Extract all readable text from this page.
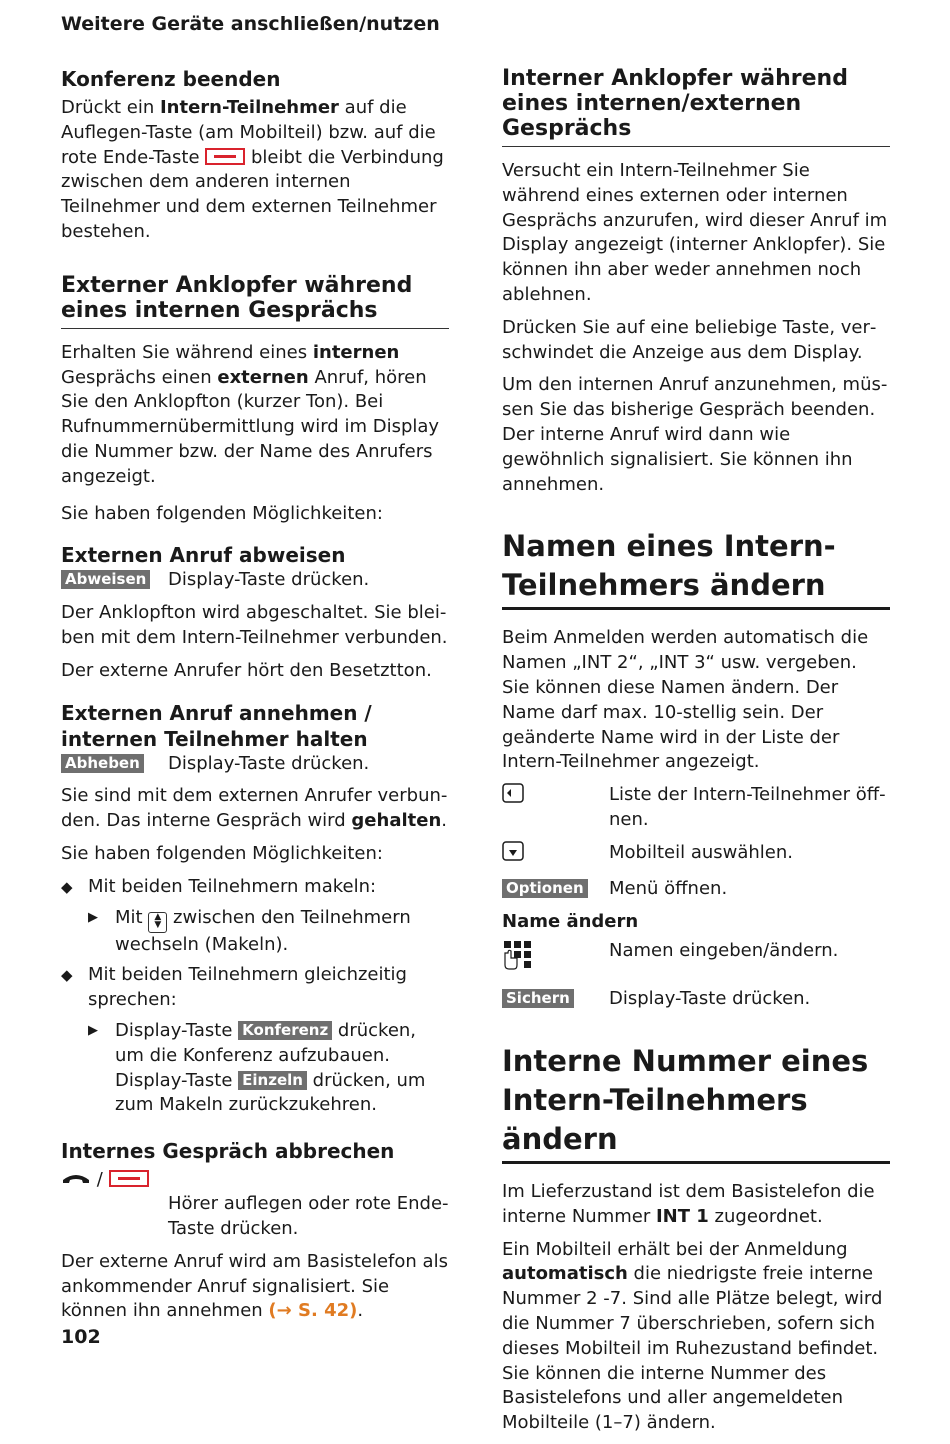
Weitere Geräte anschließen/nutzen
Konferenz beenden

Drückt ein Intern-Teilnehmer auf die Auflegen-Taste (am Mobilteil) bzw. auf die rote Ende-Taste  bleibt die Verbindung zwischen dem anderen internen Teilnehmer und dem externen Teilnehmer bestehen.

Externer Anklopfer während eines internen Gesprächs

Erhalten Sie während eines internen Gesprächs einen externen Anruf, hören Sie den Anklopfton (kurzer Ton). Bei Rufnummernübermittlung wird im Display die Nummer bzw. der Name des Anrufers angezeigt.

Sie haben folgenden Möglichkeiten:

Externen Anruf abweisen
Abweisen	Display-Taste drücken.

Der Anklopfton wird abgeschaltet. Sie bleiben mit dem Intern-Teilnehmer verbunden.

Der externe Anrufer hört den Besetztton.

Externen Anruf annehmen / internen Teilnehmer halten
Abheben	Display-Taste drücken.

Sie sind mit dem externen Anrufer verbunden. Das interne Gespräch wird gehalten.

Sie haben folgenden Möglichkeiten:

◆ Mit beiden Teilnehmern makeln:
▶ Mit ▲
▼ zwischen den Teilnehmern wechseln (Makeln).
◆ Mit beiden Teilnehmern gleichzeitig sprechen:
▶ Display-Taste Konferenz drücken, um die Konferenz aufzubauen. Display-Taste Einzeln drücken, um zum Makeln zurückzukehren.
Internes Gespräch abbrechen
/
Hörer auflegen oder rote Ende-Taste drücken.

Der externe Anruf wird am Basistelefon als ankommender Anruf signalisiert. Sie können ihn annehmen (→ S. 42).

Interner Anklopfer während eines internen/externen Gesprächs

Versucht ein Intern-Teilnehmer Sie während eines externen oder internen Gesprächs anzurufen, wird dieser Anruf im Display angezeigt (interner Anklopfer). Sie können ihn aber weder annehmen noch ablehnen.

Drücken Sie auf eine beliebige Taste, verschwindet die Anzeige aus dem Display.

Um den internen Anruf anzunehmen, müssen Sie das bisherige Gespräch beenden. Der interne Anruf wird dann wie gewöhnlich signalisiert. Sie können ihn annehmen.

Namen eines Intern-Teilnehmers ändern

Beim Anmelden werden automatisch die Namen „INT 2“, „INT 3“ usw. vergeben. Sie können diese Namen ändern. Der Name darf max. 10-stellig sein. Der geänderte Name wird in der Liste der Intern-Teilnehmer angezeigt.

Liste der Intern-Teilnehmer öffnen.
Mobilteil auswählen.
Optionen	Menü öffnen.
Name ändern
Namen eingeben/ändern.
Sichern	Display-Taste drücken.
Interne Nummer eines Intern-Teilnehmers ändern

Im Lieferzustand ist dem Basistelefon die interne Nummer INT 1 zugeordnet.

Ein Mobilteil erhält bei der Anmeldung automatisch die niedrigste freie interne Nummer 2 -7. Sind alle Plätze belegt, wird die Nummer 7 überschrieben, sofern sich dieses Mobilteil im Ruhezustand befindet. Sie können die interne Nummer des Basistelefons und aller angemeldeten Mobilteile (1–7) ändern.

102
